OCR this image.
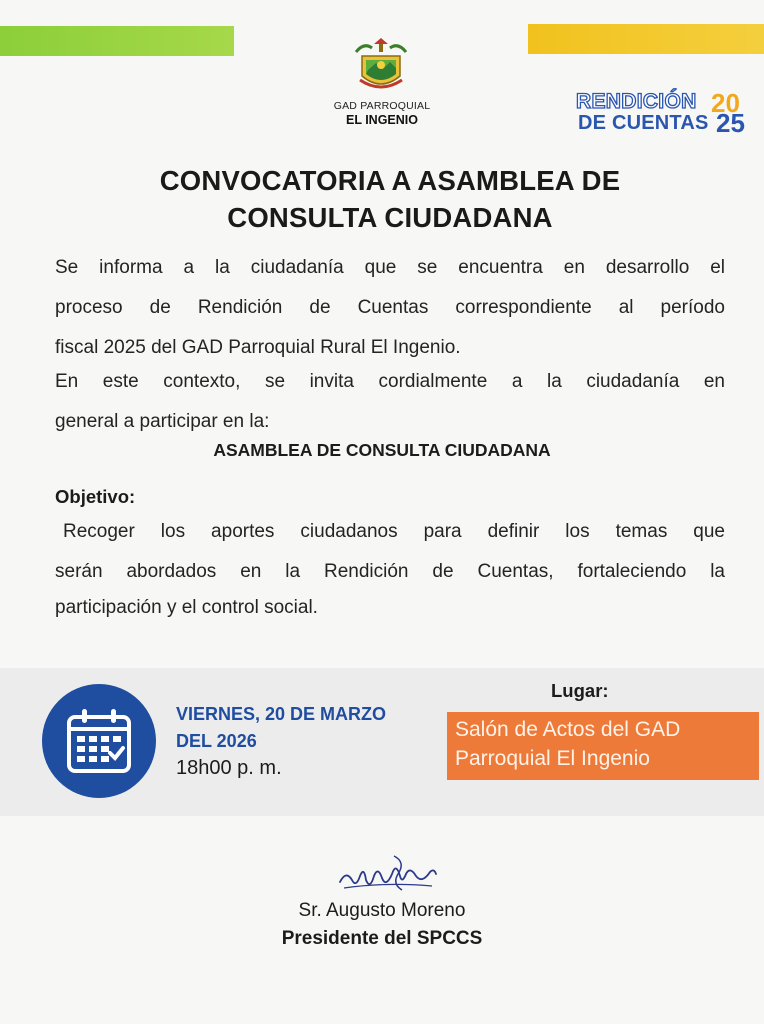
GAD PARROQUIAL
EL INGENIO
RENDICIÓN
DE CUENTAS
20
25
CONVOCATORIA A ASAMBLEA DE
CONSULTA CIUDADANA
Se informa a la ciudadanía que se encuentra en desarrollo el
proceso de Rendición de Cuentas correspondiente al período
fiscal 2025 del GAD Parroquial Rural El Ingenio.
En este contexto, se invita cordialmente a la ciudadanía en
general a participar en la:
ASAMBLEA DE CONSULTA CIUDADANA
Objetivo:
Recoger los aportes ciudadanos para definir los temas que
serán abordados en la Rendición de Cuentas, fortaleciendo la
participación y el control social.
VIERNES, 20 DE MARZO
DEL 2026
18h00 p. m.
Lugar:
Salón de Actos del GAD
Parroquial El Ingenio
Sr. Augusto Moreno
Presidente del SPCCS
